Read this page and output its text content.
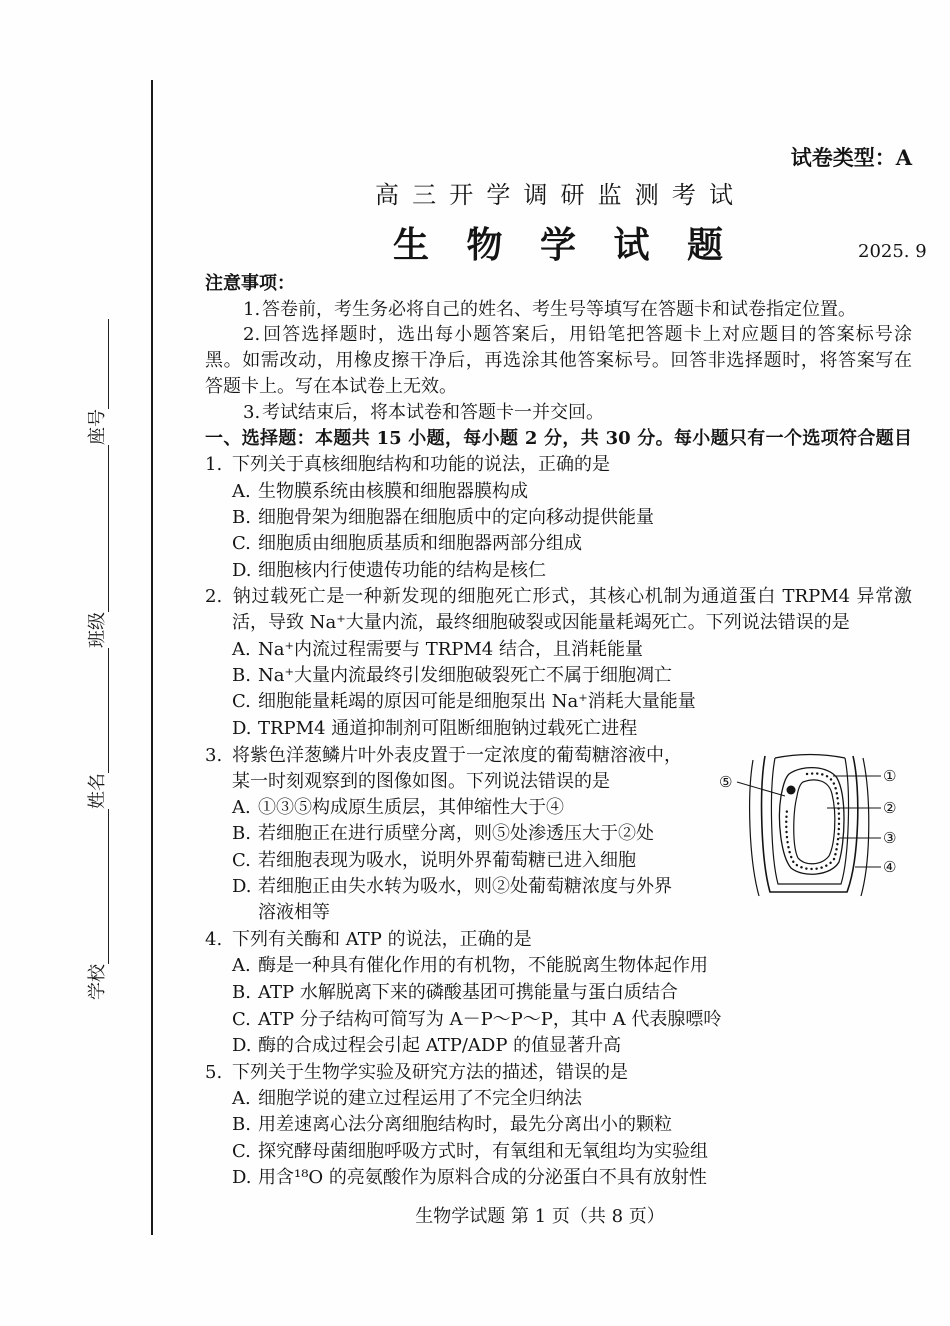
学校
姓名
班级
座号
试卷类型：A
高 三 开 学 调 研 监 测 考 试
生 物 学 试 题	2025. 9
注意事项：
1. 答卷前，考生务必将自己的姓名、考生号等填写在答题卡和试卷指定位置。
2. 回答选择题时，选出每小题答案后，用铅笔把答题卡上对应题目的答案标号涂
黑。如需改动，用橡皮擦干净后，再选涂其他答案标号。回答非选择题时，将答案写在
答题卡上。写在本试卷上无效。
3. 考试结束后，将本试卷和答题卡一并交回。
一、选择题：本题共 15 小题，每小题 2 分，共 30 分。每小题只有一个选项符合题目
1. 下列关于真核细胞结构和功能的说法，正确的是
A. 生物膜系统由核膜和细胞器膜构成
B. 细胞骨架为细胞器在细胞质中的定向移动提供能量
C. 细胞质由细胞质基质和细胞器两部分组成
D. 细胞核内行使遗传功能的结构是核仁
2. 钠过载死亡是一种新发现的细胞死亡形式，其核心机制为通道蛋白 TRPM4 异常激
活，导致 Na⁺大量内流，最终细胞破裂或因能量耗竭死亡。下列说法错误的是
A. Na⁺内流过程需要与 TRPM4 结合，且消耗能量
B. Na⁺大量内流最终引发细胞破裂死亡不属于细胞凋亡
C. 细胞能量耗竭的原因可能是细胞泵出 Na⁺消耗大量能量
D. TRPM4 通道抑制剂可阻断细胞钠过载死亡进程
3. 将紫色洋葱鳞片叶外表皮置于一定浓度的葡萄糖溶液中，
某一时刻观察到的图像如图。下列说法错误的是
A. ①③⑤构成原生质层，其伸缩性大于④
B. 若细胞正在进行质壁分离，则⑤处渗透压大于②处
C. 若细胞表现为吸水，说明外界葡萄糖已进入细胞
D. 若细胞正由失水转为吸水，则②处葡萄糖浓度与外界
溶液相等
①
②
③
④
⑤
4. 下列有关酶和 ATP 的说法，正确的是
A. 酶是一种具有催化作用的有机物，不能脱离生物体起作用
B. ATP 水解脱离下来的磷酸基团可携能量与蛋白质结合
C. ATP 分子结构可简写为 A－P～P～P，其中 A 代表腺嘌呤
D. 酶的合成过程会引起 ATP/ADP 的值显著升高
5. 下列关于生物学实验及研究方法的描述，错误的是
A. 细胞学说的建立过程运用了不完全归纳法
B. 用差速离心法分离细胞结构时，最先分离出小的颗粒
C. 探究酵母菌细胞呼吸方式时，有氧组和无氧组均为实验组
D. 用含¹⁸O 的亮氨酸作为原料合成的分泌蛋白不具有放射性
生物学试题 第 1 页（共 8 页）
